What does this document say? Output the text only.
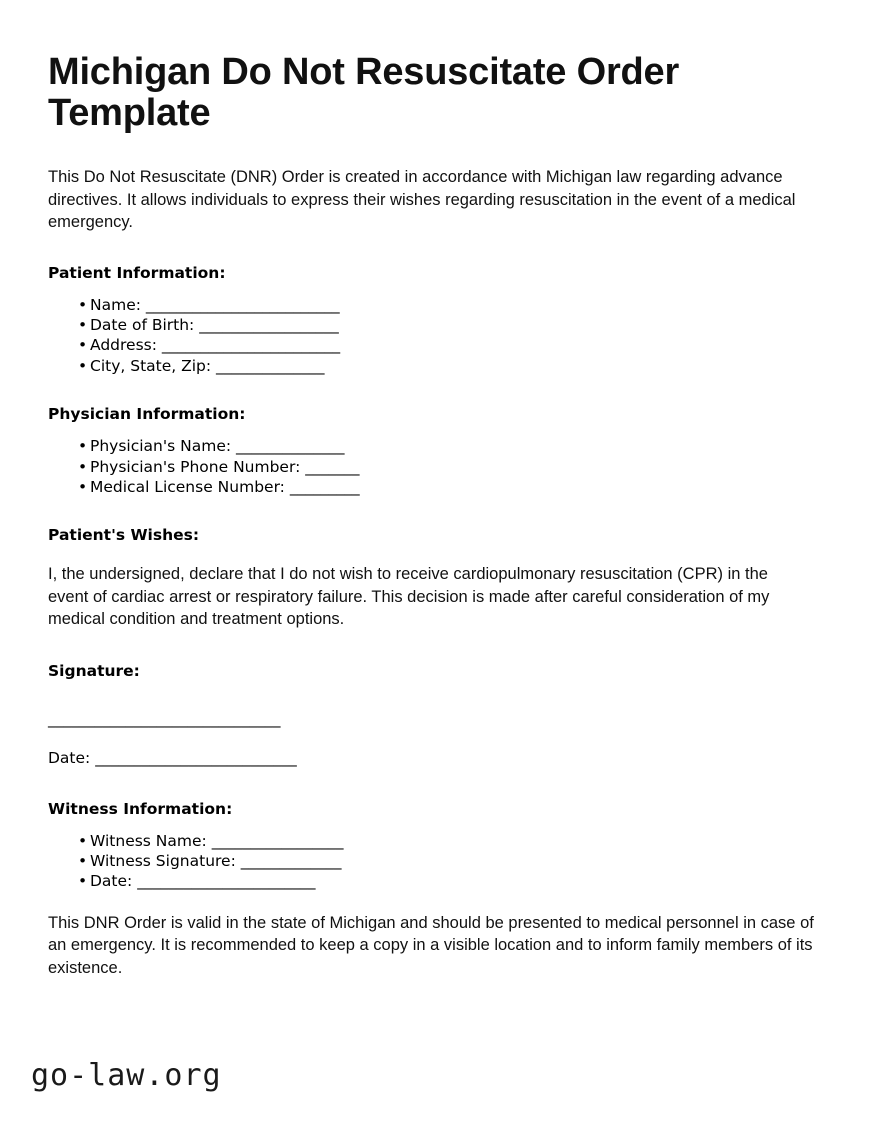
Michigan Do Not Resuscitate Order Template

This Do Not Resuscitate (DNR) Order is created in accordance with Michigan law regarding advance directives. It allows individuals to express their wishes regarding resuscitation in the event of a medical emergency.

Patient Information:
• Name: _________________________
• Date of Birth: __________________
• Address: _______________________
• City, State, Zip: ______________
Physician Information:
• Physician's Name: ______________
• Physician's Phone Number: _______
• Medical License Number: _________
Patient's Wishes:

I, the undersigned, declare that I do not wish to receive cardiopulmonary resuscitation (CPR) in the event of cardiac arrest or respiratory failure. This decision is made after careful consideration of my medical condition and treatment options.

Signature:
______________________________
Date: __________________________
Witness Information:
• Witness Name: _________________
• Witness Signature: _____________
• Date: _______________________

This DNR Order is valid in the state of Michigan and should be presented to medical personnel in case of an emergency. It is recommended to keep a copy in a visible location and to inform family members of its existence.

go-law.org
